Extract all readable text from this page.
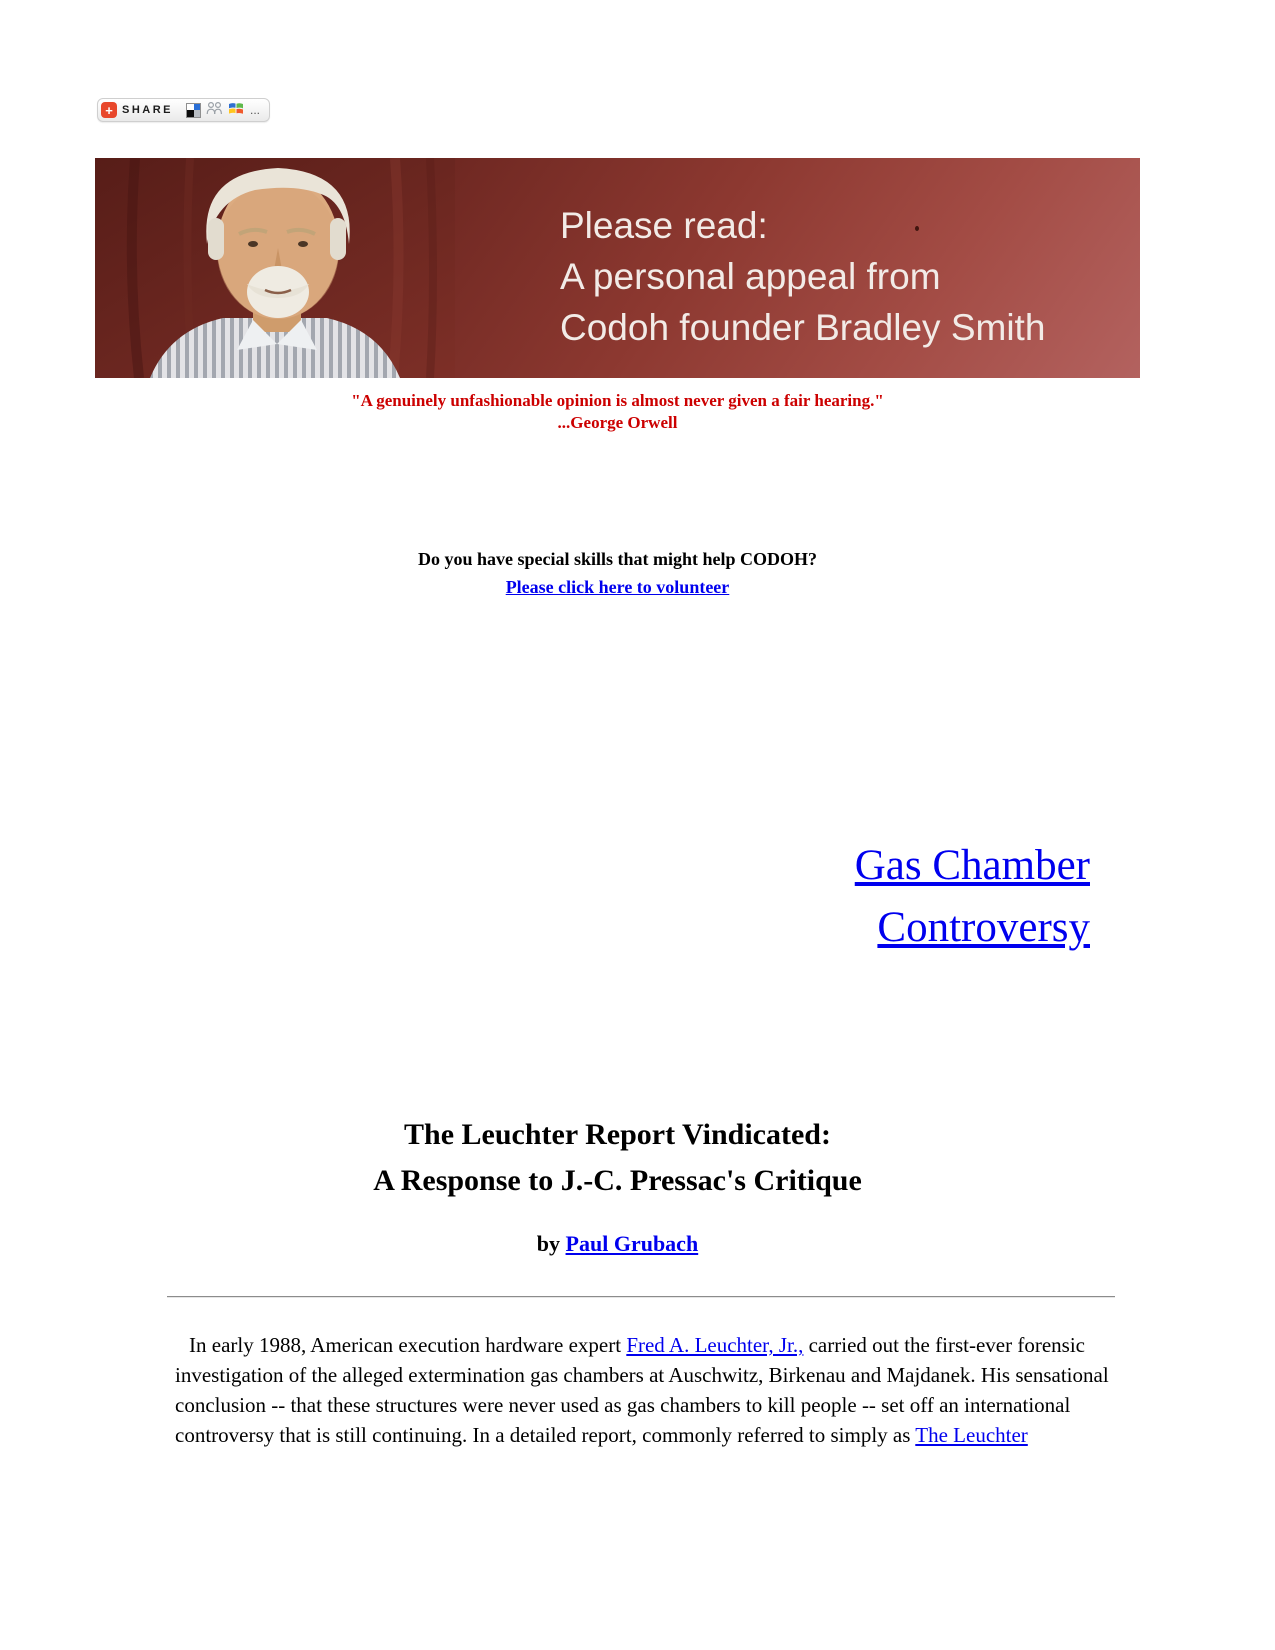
+ SHARE	...
Please read:
A personal appeal from
Codoh founder Bradley Smith
"A genuinely unfashionable opinion is almost never given a fair hearing."
...George Orwell
Do you have special skills that might help CODOH?
Please click here to volunteer
Gas Chamber
Controversy
The Leuchter Report Vindicated:
A Response to J.-C. Pressac's Critique
by Paul Grubach

In early 1988, American execution hardware expert Fred A. Leuchter, Jr., carried out the first-ever forensic investigation of the alleged extermination gas chambers at Auschwitz, Birkenau and Majdanek. His sensational conclusion -- that these structures were never used as gas chambers to kill people -- set off an international controversy that is still continuing. In a detailed report, commonly referred to simply as The Leuchter
